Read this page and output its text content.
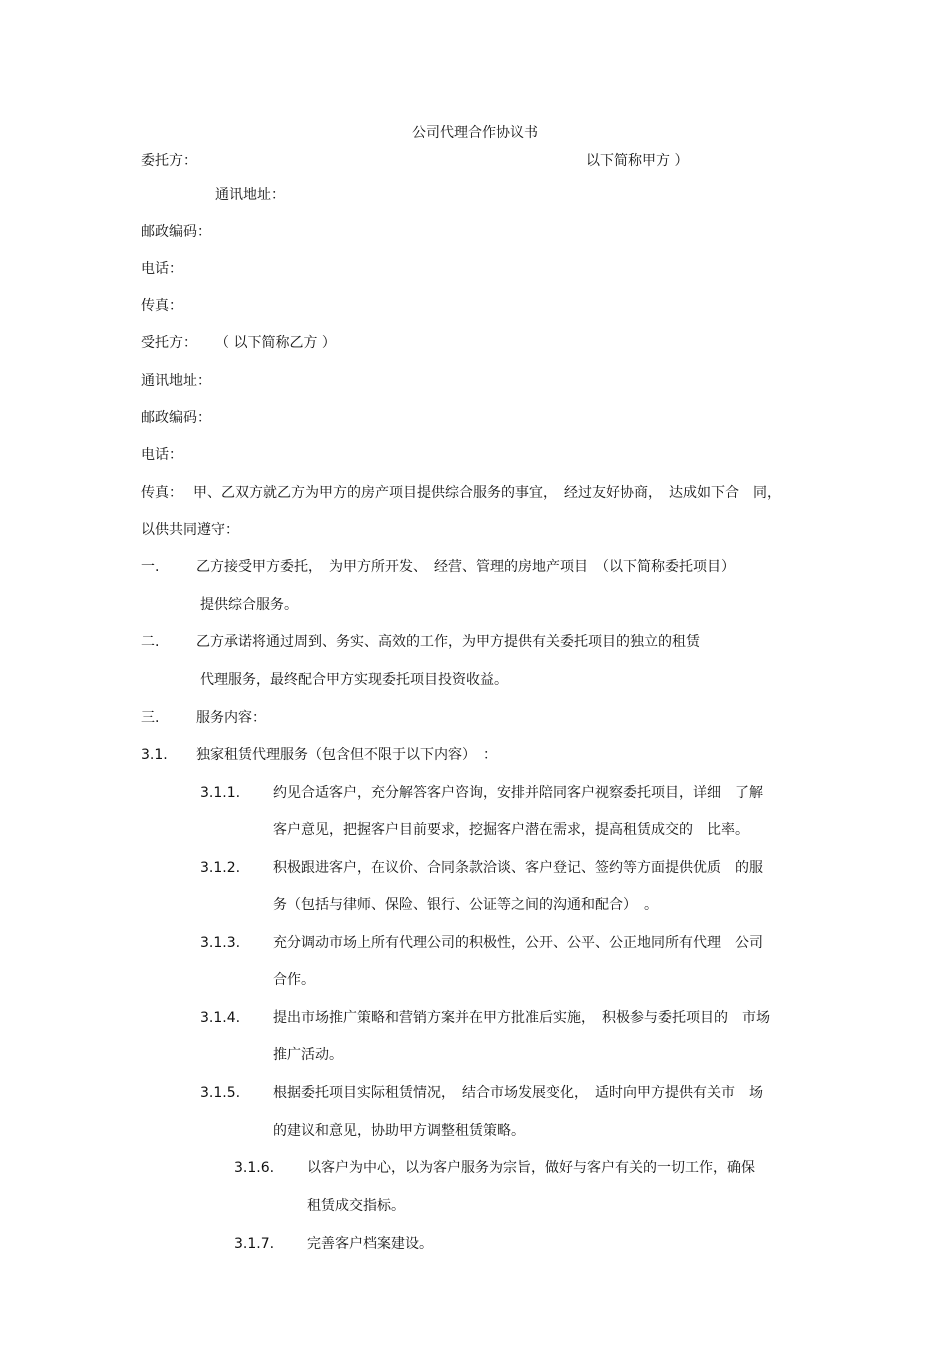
公司代理合作协议书
委托方：	以下简称甲方 ）
通讯地址：
邮政编码：
电话：
传真：
受托方： （ 以下简称乙方 ）
通讯地址：
邮政编码：
电话：
传真： 甲、乙双方就乙方为甲方的房产项目提供综合服务的事宜，　经过友好协商，　达成如下合　同，
以供共同遵守：
一.	乙方接受甲方委托，　为甲方所开发、　经营、管理的房地产项目　（以下简称委托项目）
提供综合服务。
二.	乙方承诺将通过周到、务实、高效的工作，为甲方提供有关委托项目的独立的租赁
代理服务，最终配合甲方实现委托项目投资收益。
三.	服务内容：
3.1. 独家租赁代理服务（包含但不限于以下内容）　：
3.1.1. 约见合适客户，充分解答客户咨询，安排并陪同客户视察委托项目，详细　了解
客户意见，把握客户目前要求，挖掘客户潜在需求，提高租赁成交的　比率。
3.1.2. 积极跟进客户，在议价、合同条款洽谈、客户登记、签约等方面提供优质　的服
务（包括与律师、保险、银行、公证等之间的沟通和配合）　。
3.1.3. 充分调动市场上所有代理公司的积极性，公开、公平、公正地同所有代理　公司
合作。
3.1.4. 提出市场推广策略和营销方案并在甲方批准后实施，　积极参与委托项目的　市场
推广活动。
3.1.5. 根据委托项目实际租赁情况，　结合市场发展变化，　适时向甲方提供有关市　场
的建议和意见，协助甲方调整租赁策略。
3.1.6. 以客户为中心，以为客户服务为宗旨，做好与客户有关的一切工作，确保
租赁成交指标。
3.1.7. 完善客户档案建设。
